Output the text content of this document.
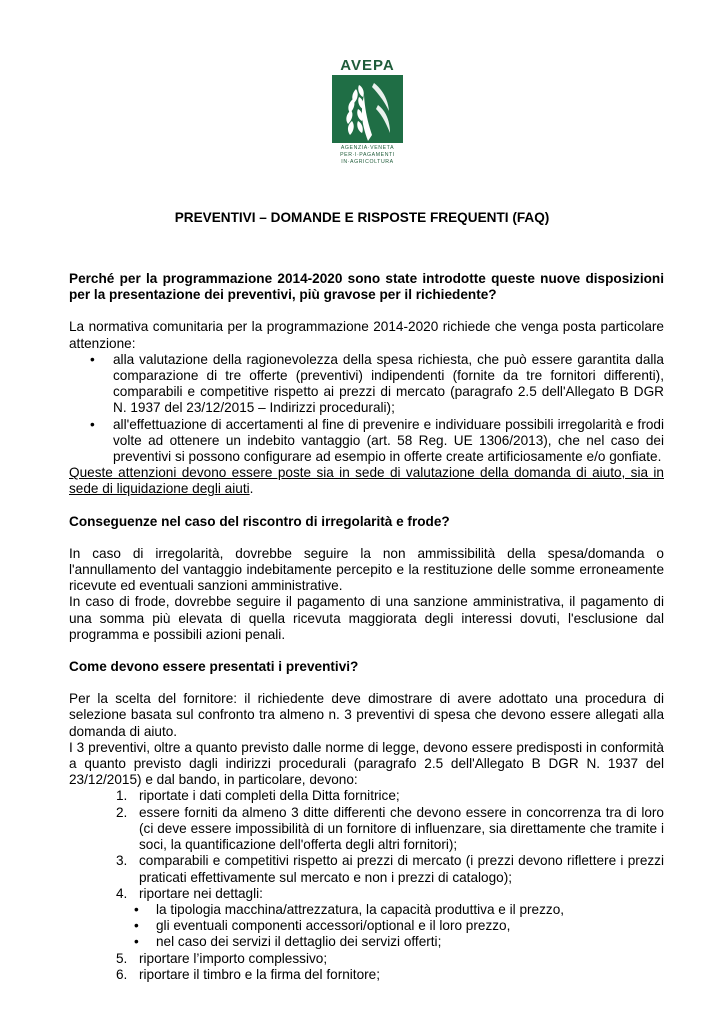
AVEPA
AGENZIA·VENETA
PER·I·PAGAMENTI
IN·AGRICOLTURA
PREVENTIVI – DOMANDE E RISPOSTE FREQUENTI (FAQ)

Perché per la programmazione 2014-2020 sono state introdotte queste nuove disposizioni per la presentazione dei preventivi, più gravose per il richiedente?

La normativa comunitaria per la programmazione 2014-2020 richiede che venga posta particolare attenzione:

• alla valutazione della ragionevolezza della spesa richiesta, che può essere garantita dalla comparazione di tre offerte (preventivi) indipendenti (fornite da tre fornitori differenti), comparabili e competitive rispetto ai prezzi di mercato (paragrafo 2.5 dell'Allegato B DGR N. 1937 del 23/12/2015 – Indirizzi procedurali);
• all'effettuazione di accertamenti al fine di prevenire e individuare possibili irregolarità e frodi volte ad ottenere un indebito vantaggio (art. 58 Reg. UE 1306/2013), che nel caso dei preventivi si possono configurare ad esempio in offerte create artificiosamente e/o gonfiate.

Queste attenzioni devono essere poste sia in sede di valutazione della domanda di aiuto, sia in sede di liquidazione degli aiuti.

Conseguenze nel caso del riscontro di irregolarità e frode?

In caso di irregolarità, dovrebbe seguire la non ammissibilità della spesa/domanda o l'annullamento del vantaggio indebitamente percepito e la restituzione delle somme erroneamente ricevute ed eventuali sanzioni amministrative.

In caso di frode, dovrebbe seguire il pagamento di una sanzione amministrativa, il pagamento di una somma più elevata di quella ricevuta maggiorata degli interessi dovuti, l'esclusione dal programma e possibili azioni penali.

Come devono essere presentati i preventivi?

Per la scelta del fornitore: il richiedente deve dimostrare di avere adottato una procedura di selezione basata sul confronto tra almeno n. 3 preventivi di spesa che devono essere allegati alla domanda di aiuto.

I 3 preventivi, oltre a quanto previsto dalle norme di legge, devono essere predisposti in conformità a quanto previsto dagli indirizzi procedurali (paragrafo 2.5 dell'Allegato B DGR N. 1937 del 23/12/2015) e dal bando, in particolare, devono:

1. riportate i dati completi della Ditta fornitrice;
2. essere forniti da almeno 3 ditte differenti che devono essere in concorrenza tra di loro (ci deve essere impossibilità di un fornitore di influenzare, sia direttamente che tramite i soci, la quantificazione dell'offerta degli altri fornitori);
3. comparabili e competitivi rispetto ai prezzi di mercato (i prezzi devono riflettere i prezzi praticati effettivamente sul mercato e non i prezzi di catalogo);
4. riportare nei dettagli:
• la tipologia macchina/attrezzatura, la capacità produttiva e il prezzo,
• gli eventuali componenti accessori/optional e il loro prezzo,
• nel caso dei servizi il dettaglio dei servizi offerti;
5. riportare l’importo complessivo;
6. riportare il timbro e la firma del fornitore;
